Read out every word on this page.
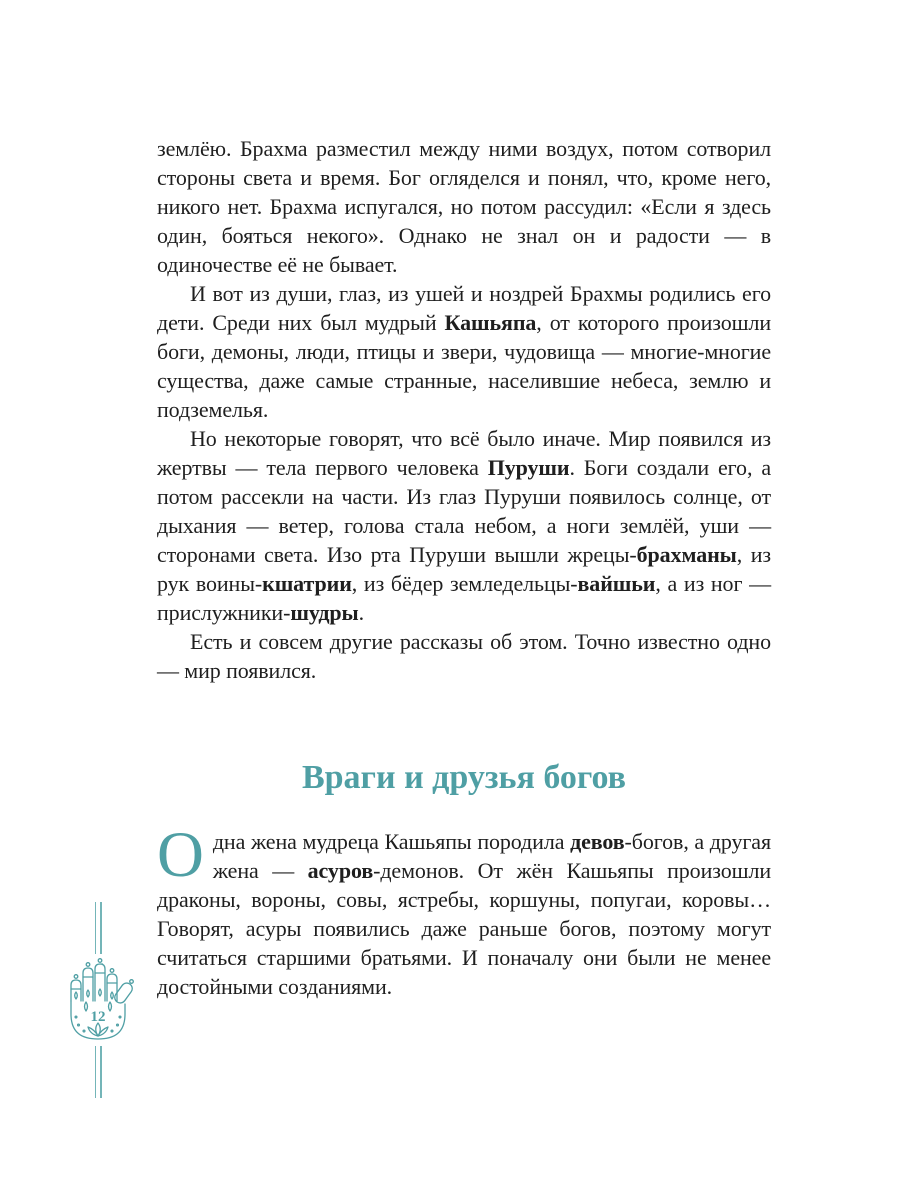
12

землёю. Брахма разместил между ними воздух, потом сотворил стороны света и время. Бог огляделся и понял, что, кроме него, никого нет. Брахма испугался, но потом рассудил: «Если я здесь один, бояться некого». Однако не знал он и радости — в одиночестве её не бывает.

И вот из души, глаз, из ушей и ноздрей Брахмы родились его дети. Среди них был мудрый Кашьяпа, от которого произошли боги, демоны, люди, птицы и звери, чудовища — многие-многие существа, даже самые странные, населившие небеса, землю и подземелья.

Но некоторые говорят, что всё было иначе. Мир появился из жертвы — тела первого человека Пуруши. Боги создали его, а потом рассекли на части. Из глаз Пуруши появилось солнце, от дыхания — ветер, голова стала небом, а ноги землёй, уши — сторонами света. Изо рта Пуруши вышли жрецы-брахманы, из рук воины-кшатрии, из бёдер земледельцы-вайшьи, а из ног — прислужники-шудры.

Есть и совсем другие рассказы об этом. Точно известно одно — мир появился.

Враги и друзья богов

Одна жена мудреца Кашьяпы породила девов-богов, а другая жена — асуров-демонов. От жён Кашьяпы произошли драконы, вороны, совы, ястребы, коршуны, попугаи, коровы… Говорят, асуры появились даже раньше богов, поэтому могут считаться старшими братьями. И поначалу они были не менее достойными созданиями.
